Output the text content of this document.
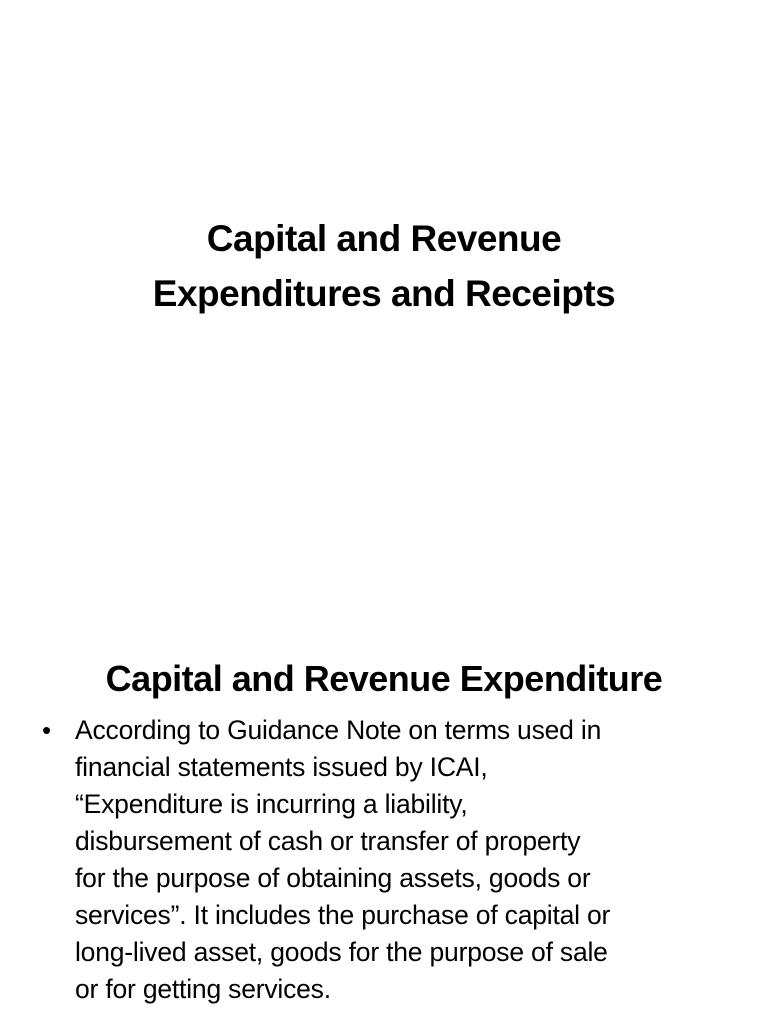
Capital and Revenue
Expenditures and Receipts
Capital and Revenue Expenditure
• According to Guidance Note on terms used in
financial statements issued by ICAI,
“Expenditure is incurring a liability,
disbursement of cash or transfer of property
for the purpose of obtaining assets, goods or
services”. It includes the purchase of capital or
long-lived asset, goods for the purpose of sale
or for getting services.
